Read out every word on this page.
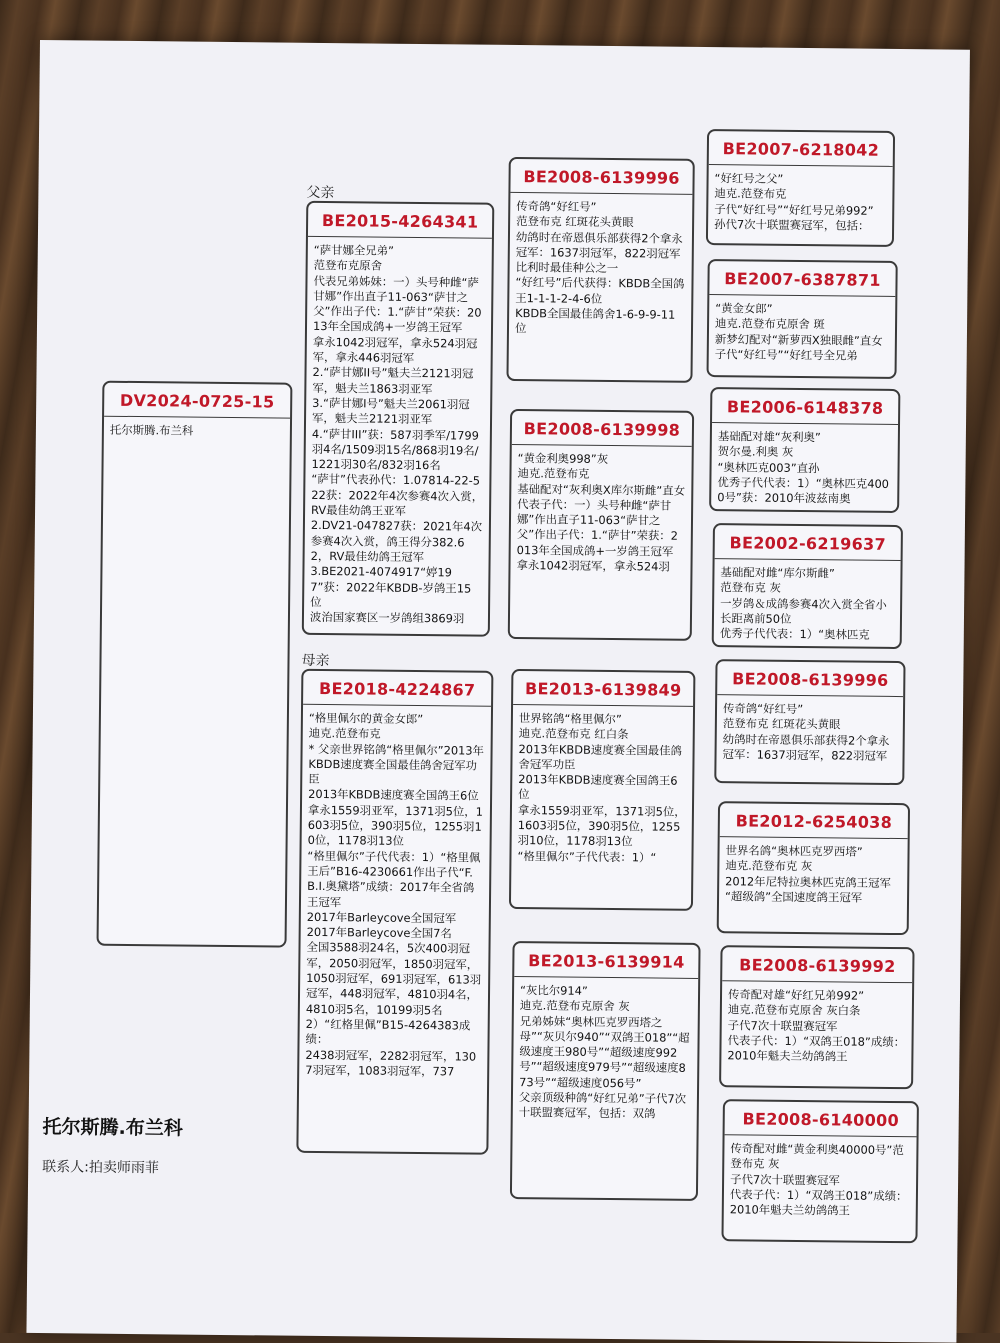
父亲
母亲
DV2024-0725-15
托尔斯腾.布兰科
BE2015-4264341
“萨甘娜全兄弟”
范登布克原舍
代表兄弟姊妹：一）头号种雌“萨甘娜”作出直子11-063“萨甘之父”作出子代：1.“萨甘”荣获：2013年全国成鸽+一岁鸽王冠军
拿永1042羽冠军，拿永524羽冠军，拿永446羽冠军
2.“萨甘娜II号”魁夫兰2121羽冠军，魁夫兰1863羽亚军
3.“萨甘娜I号”魁夫兰2061羽冠军，魁夫兰2121羽亚军
4.“萨甘III”获：587羽季军/1799羽4名/1509羽15名/868羽19名/1221羽30名/832羽16名
“萨甘”代表孙代：1.07814-22-522获：2022年4次参赛4次入赏，RV最佳幼鸽王亚军
2.DV21-047827获：2021年4次参赛4次入赏，鸽王得分382.62，RV最佳幼鸽王冠军
3.BE2021-4074917“婷197”获：2022年KBDB-岁鸽王15位
波治国家赛区一岁鸽组3869羽
BE2018-4224867
“格里佩尔的黄金女郎”
迪克.范登布克
* 父亲世界铭鸽“格里佩尔”2013年KBDB速度赛全国最佳鸽舍冠军功臣
2013年KBDB速度赛全国鸽王6位
拿永1559羽亚军，1371羽5位，1603羽5位，390羽5位，1255羽10位，1178羽13位
“格里佩尔”子代代表：1）“格里佩王后”B16-4230661作出子代“F.B.I.奥黛塔”成绩：2017年全省鸽王冠军
2017年Barleycove全国冠军
2017年Barleycove全国7名
全国3588羽24名，5次400羽冠军，2050羽冠军，1850羽冠军，1050羽冠军，691羽冠军，613羽冠军，448羽冠军，4810羽4名，4810羽5名，10199羽5名
2）“红格里佩”B15-4264383成绩：
2438羽冠军，2282羽冠军，1307羽冠军，1083羽冠军，737
BE2008-6139996
传奇鸽“好红号”
范登布克 红斑花头黄眼
幼鸽时在帝恩俱乐部获得2个拿永冠军：1637羽冠军，822羽冠军
比利时最佳种公之一
“好红号”后代获得：KBDB全国鸽王1-1-1-2-4-6位
KBDB全国最佳鸽舍1-6-9-9-11位
BE2008-6139998
“黄金利奥998”灰
迪克.范登布克
基础配对“灰利奥X库尔斯雌”直女
代表子代：一）头号种雌“萨甘娜”作出直子11-063“萨甘之父”作出子代：1.“萨甘”荣获：2013年全国成鸽+一岁鸽王冠军
拿永1042羽冠军，拿永524羽
BE2013-6139849
世界铭鸽“格里佩尔”
迪克.范登布克 红白条
2013年KBDB速度赛全国最佳鸽舍冠军功臣
2013年KBDB速度赛全国鸽王6位
拿永1559羽亚军，1371羽5位，1603羽5位，390羽5位，1255羽10位，1178羽13位
“格里佩尔”子代代表：1）“
BE2013-6139914
“灰比尔914”
迪克.范登布克原舍 灰
兄弟姊妹“奥林匹克罗西塔之母”“灰贝尔940”“双鸽王018”“超级速度王980号”“超级速度992号”“超级速度979号”“超级速度873号”“超级速度056号”
父亲顶级种鸽“好红兄弟”子代7次十联盟赛冠军，包括：双鸽
BE2007-6218042
“好红号之父”
迪克.范登布克
子代“好红号”“好红号兄弟992”
孙代7次十联盟赛冠军，包括：
BE2007-6387871
“黄金女郎”
迪克.范登布克原舍 斑
新梦幻配对“新萝西X独眼雌”直女
子代“好红号”“好红号全兄弟
BE2006-6148378
基础配对雄“灰利奥”
贺尔曼.利奥 灰
“奥林匹克003”直孙
优秀子代代表：1）“奥林匹克4000号”获：2010年波兹南奥
BE2002-6219637
基础配对雌“库尔斯雌”
范登布克 灰
一岁鸽＆成鸽参赛4次入赏全省小长距离前50位
优秀子代代表：1）“奥林匹克
BE2008-6139996
传奇鸽“好红号”
范登布克 红斑花头黄眼
幼鸽时在帝恩俱乐部获得2个拿永冠军：1637羽冠军，822羽冠军
BE2012-6254038
世界名鸽“奥林匹克罗西塔”
迪克.范登布克 灰
2012年尼特拉奥林匹克鸽王冠军
“超级鸽”全国速度鸽王冠军
BE2008-6139992
传奇配对雄“好红兄弟992”
迪克.范登布克原舍 灰白条
子代7次十联盟赛冠军
代表子代：1）“双鸽王018”成绩：2010年魁夫兰幼鸽鸽王
BE2008-6140000
传奇配对雌“黄金利奥40000号”范登布克 灰
子代7次十联盟赛冠军
代表子代：1）“双鸽王018”成绩：2010年魁夫兰幼鸽鸽王
托尔斯腾.布兰科
联系人:拍卖师雨菲
